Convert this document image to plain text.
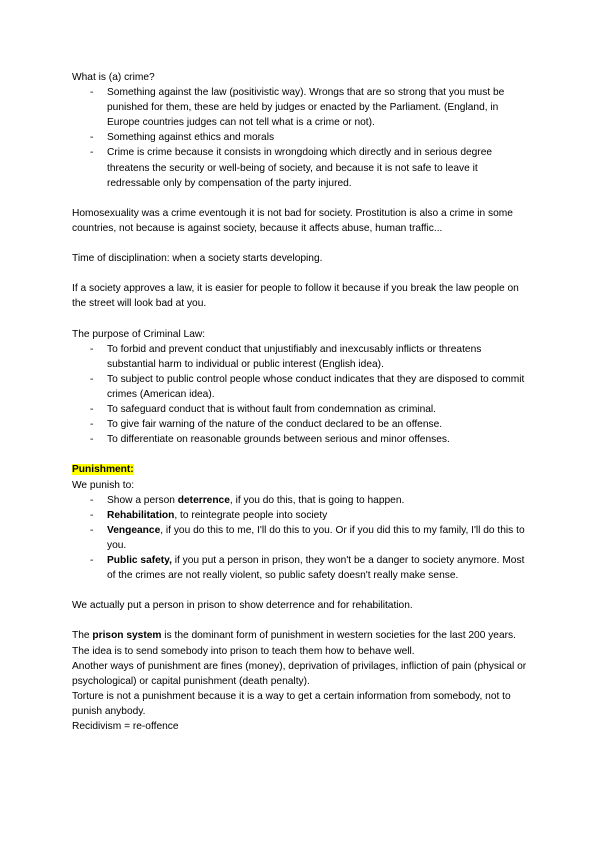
What is (a) crime?

- Something against the law (positivistic way). Wrongs that are so strong that you must be punished for them, these are held by judges or enacted by the Parliament. (England, in Europe countries judges can not tell what is a crime or not).
- Something against ethics and morals
- Crime is crime because it consists in wrongdoing which directly and in serious degree threatens the security or well-being of society, and because it is not safe to leave it redressable only by compensation of the party injured.

Homosexuality was a crime eventough it is not bad for society. Prostitution is also a crime in some countries, not because is against society, because it affects abuse, human traffic...

Time of disciplination: when a society starts developing.

If a society approves a law, it is easier for people to follow it because if you break the law people on the street will look bad at you.

The purpose of Criminal Law:

- To forbid and prevent conduct that unjustifiably and inexcusably inflicts or threatens substantial harm to individual or public interest (English idea).
- To subject to public control people whose conduct indicates that they are disposed to commit crimes (American idea).
- To safeguard conduct that is without fault from condemnation as criminal.
- To give fair warning of the nature of the conduct declared to be an offense.
- To differentiate on reasonable grounds between serious and minor offenses.

Punishment:

We punish to:

- Show a person deterrence, if you do this, that is going to happen.
- Rehabilitation, to reintegrate people into society
- Vengeance, if you do this to me, I'll do this to you. Or if you did this to my family, I'll do this to you.
- Public safety, if you put a person in prison, they won't be a danger to society anymore. Most of the crimes are not really violent, so public safety doesn't really make sense.

We actually put a person in prison to show deterrence and for rehabilitation.

The prison system is the dominant form of punishment in western societies for the last 200 years. The idea is to send somebody into prison to teach them how to behave well.

Another ways of punishment are fines (money), deprivation of privilages, infliction of pain (physical or psychological) or capital punishment (death penalty).

Torture is not a punishment because it is a way to get a certain information from somebody, not to punish anybody.

Recidivism = re-offence
